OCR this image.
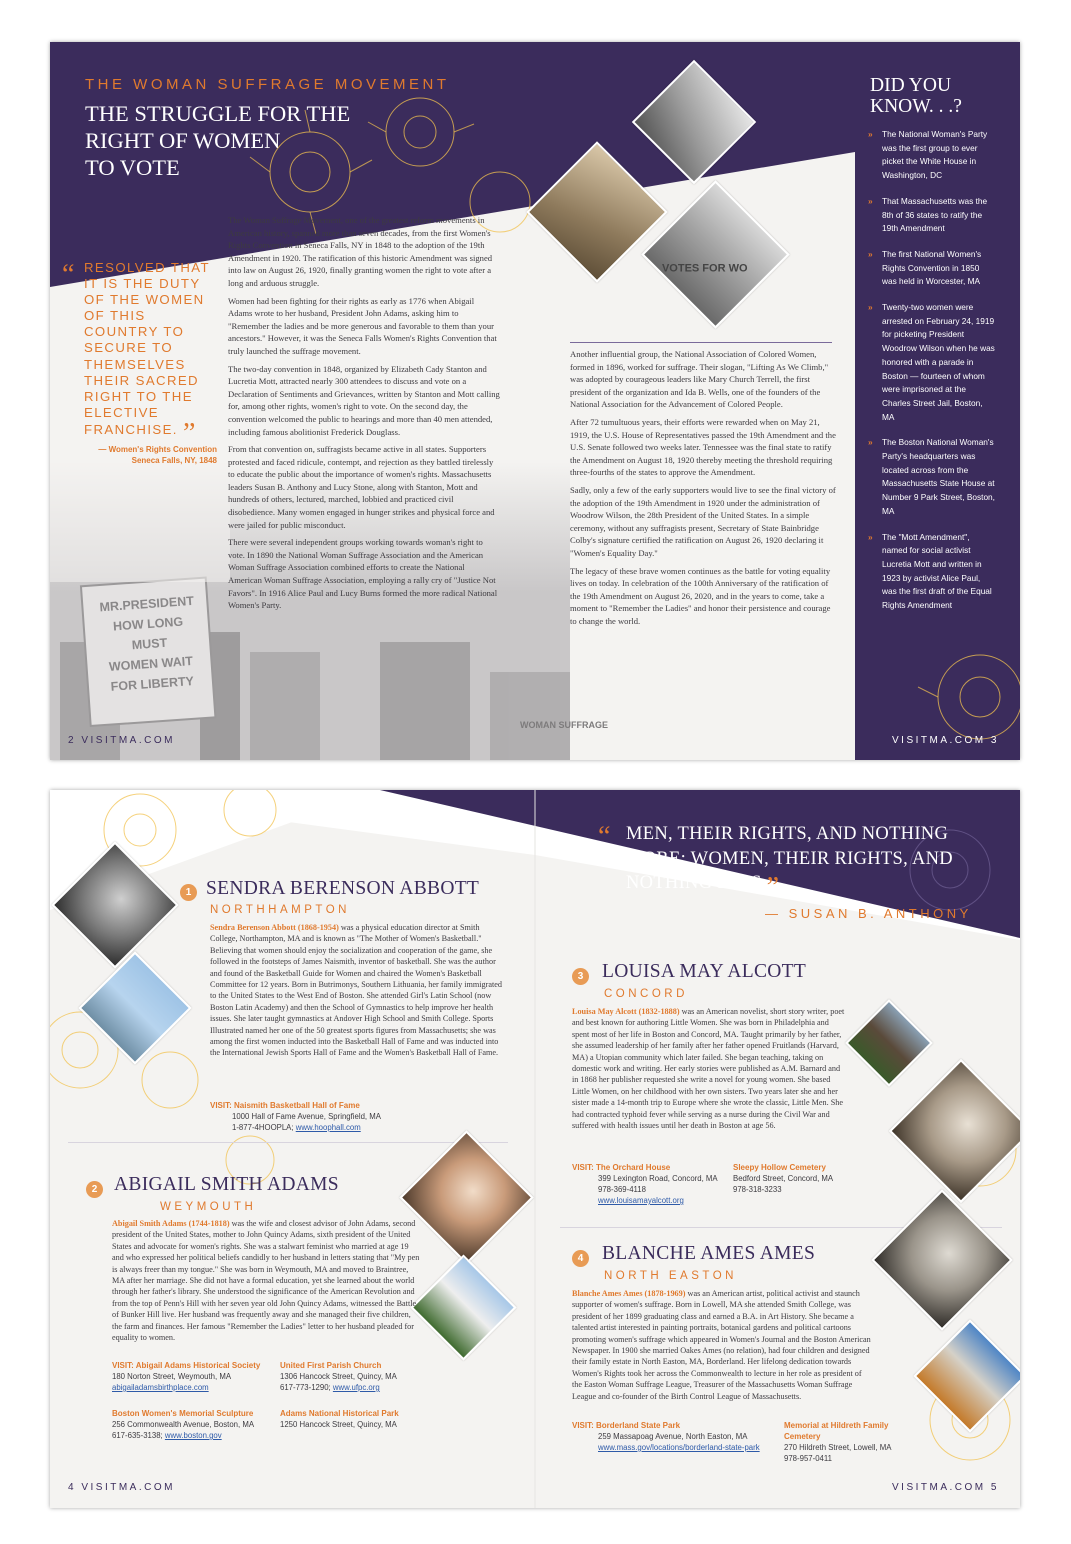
MR.PRESIDENT
HOW LONG
MUST
WOMEN WAIT
FOR LIBERTY
WOMAN SUFFRAGE
THE WOMAN SUFFRAGE MOVEMENT
THE STRUGGLE FOR THE
RIGHT OF WOMEN
TO VOTE
“ RESOLVED THAT IT IS THE DUTY OF THE WOMEN OF THIS COUNTRY TO SECURE TO THEMSELVES THEIR SACRED RIGHT TO THE ELECTIVE FRANCHISE. ”
— Women's Rights Convention
Seneca Falls, NY, 1848

The Woman Suffrage Movement, one of the greatest reform movements in American history, spanned more than seven decades, from the first Women's Rights Convention in Seneca Falls, NY in 1848 to the adoption of the 19th Amendment in 1920. The ratification of this historic Amendment was signed into law on August 26, 1920, finally granting women the right to vote after a long and arduous struggle.

Women had been fighting for their rights as early as 1776 when Abigail Adams wrote to her husband, President John Adams, asking him to "Remember the ladies and be more generous and favorable to them than your ancestors." However, it was the Seneca Falls Women's Rights Convention that truly launched the suffrage movement.

The two-day convention in 1848, organized by Elizabeth Cady Stanton and Lucretia Mott, attracted nearly 300 attendees to discuss and vote on a Declaration of Sentiments and Grievances, written by Stanton and Mott calling for, among other rights, women's right to vote. On the second day, the convention welcomed the public to hearings and more than 40 men attended, including famous abolitionist Frederick Douglass.

From that convention on, suffragists became active in all states. Supporters protested and faced ridicule, contempt, and rejection as they battled tirelessly to educate the public about the importance of women's rights. Massachusetts leaders Susan B. Anthony and Lucy Stone, along with Stanton, Mott and hundreds of others, lectured, marched, lobbied and practiced civil disobedience. Many women engaged in hunger strikes and physical force and were jailed for public misconduct.

There were several independent groups working towards woman's right to vote. In 1890 the National Woman Suffrage Association and the American Woman Suffrage Association combined efforts to create the National American Woman Suffrage Association, employing a rally cry of "Justice Not Favors". In 1916 Alice Paul and Lucy Burns formed the more radical National Women's Party.

VOTES FOR WO

Another influential group, the National Association of Colored Women, formed in 1896, worked for suffrage. Their slogan, "Lifting As We Climb," was adopted by courageous leaders like Mary Church Terrell, the first president of the organization and Ida B. Wells, one of the founders of the National Association for the Advancement of Colored People.

After 72 tumultuous years, their efforts were rewarded when on May 21, 1919, the U.S. House of Representatives passed the 19th Amendment and the U.S. Senate followed two weeks later. Tennessee was the final state to ratify the Amendment on August 18, 1920 thereby meeting the threshold requiring three-fourths of the states to approve the Amendment.

Sadly, only a few of the early supporters would live to see the final victory of the adoption of the 19th Amendment in 1920 under the administration of Woodrow Wilson, the 28th President of the United States. In a simple ceremony, without any suffragists present, Secretary of State Bainbridge Colby's signature certified the ratification on August 26, 1920 declaring it "Women's Equality Day."

The legacy of these brave women continues as the battle for voting equality lives on today. In celebration of the 100th Anniversary of the ratification of the 19th Amendment on August 26, 2020, and in the years to come, take a moment to "Remember the Ladies" and honor their persistence and courage to change the world.

DID YOU
KNOW. . .?
» The National Woman's Party was the first group to ever picket the White House in Washington, DC
» That Massachusetts was the 8th of 36 states to ratify the 19th Amendment
» The first National Women's Rights Convention in 1850 was held in Worcester, MA
» Twenty-two women were arrested on February 24, 1919 for picketing President Woodrow Wilson when he was honored with a parade in Boston — fourteen of whom were imprisoned at the Charles Street Jail, Boston, MA
» The Boston National Woman's Party's headquarters was located across from the Massachusetts State House at Number 9 Park Street, Boston, MA
» The "Mott Amendment", named for social activist Lucretia Mott and written in 1923 by activist Alice Paul, was the first draft of the Equal Rights Amendment
2 VISITMA.COM	VISITMA.COM 3
“ MEN, THEIR RIGHTS, AND NOTHING
MORE; WOMEN, THEIR RIGHTS, AND
NOTHING LESS ”
— SUSAN B. ANTHONY
1 SENDRA BERENSON ABBOTT
NORTHHAMPTON
Sendra Berenson Abbott (1868-1954) was a physical education director at Smith College, Northampton, MA and is known as "The Mother of Women's Basketball." Believing that women should enjoy the socialization and cooperation of the game, she followed in the footsteps of James Naismith, inventor of basketball. She was the author and found of the Basketball Guide for Women and chaired the Women's Basketball Committee for 12 years. Born in Butrimonys, Southern Lithuania, her family immigrated to the United States to the West End of Boston. She attended Girl's Latin School (now Boston Latin Academy) and then the School of Gymnastics to help improve her health issues. She later taught gymnastics at Andover High School and Smith College. Sports Illustrated named her one of the 50 greatest sports figures from Massachusetts; she was among the first women inducted into the Basketball Hall of Fame and was inducted into the International Jewish Sports Hall of Fame and the Women's Basketball Hall of Fame.
VISIT: Naismith Basketball Hall of Fame
1000 Hall of Fame Avenue, Springfield, MA
1-877-4HOOPLA; www.hoophall.com
2 ABIGAIL SMITH ADAMS
WEYMOUTH
Abigail Smith Adams (1744-1818) was the wife and closest advisor of John Adams, second president of the United States, mother to John Quincy Adams, sixth president of the United States and advocate for women's rights. She was a stalwart feminist who married at age 19 and who expressed her political beliefs candidly to her husband in letters stating that "My pen is always freer than my tongue." She was born in Weymouth, MA and moved to Braintree, MA after her marriage. She did not have a formal education, yet she learned about the world through her father's library. She understood the significance of the American Revolution and from the top of Penn's Hill with her seven year old John Quincy Adams, witnessed the Battle of Bunker Hill live. Her husband was frequently away and she managed their five children, the farm and finances. Her famous "Remember the Ladies" letter to her husband pleaded for equality to women.
VISIT: Abigail Adams Historical Society
180 Norton Street, Weymouth, MA
abigailadamsbirthplace.com
United First Parish Church
1306 Hancock Street, Quincy, MA
617-773-1290; www.ufpc.org
Boston Women's Memorial Sculpture
256 Commonwealth Avenue, Boston, MA
617-635-3138; www.boston.gov
Adams National Historical Park
1250 Hancock Street, Quincy, MA
3 LOUISA MAY ALCOTT
CONCORD
Louisa May Alcott (1832-1888) was an American novelist, short story writer, poet and best known for authoring Little Women. She was born in Philadelphia and spent most of her life in Boston and Concord, MA. Taught primarily by her father, she assumed leadership of her family after her father opened Fruitlands (Harvard, MA) a Utopian community which later failed. She began teaching, taking on domestic work and writing. Her early stories were published as A.M. Barnard and in 1868 her publisher requested she write a novel for young women. She based Little Women, on her childhood with her own sisters. Two years later she and her sister made a 14-month trip to Europe where she wrote the classic, Little Men. She had contracted typhoid fever while serving as a nurse during the Civil War and suffered with health issues until her death in Boston at age 56.
VISIT: The Orchard House
399 Lexington Road, Concord, MA
978-369-4118
www.louisamayalcott.org
Sleepy Hollow Cemetery
Bedford Street, Concord, MA
978-318-3233
4 BLANCHE AMES AMES
NORTH EASTON
Blanche Ames Ames (1878-1969) was an American artist, political activist and staunch supporter of women's suffrage. Born in Lowell, MA she attended Smith College, was president of her 1899 graduating class and earned a B.A. in Art History. She became a talented artist interested in painting portraits, botanical gardens and political cartoons promoting women's suffrage which appeared in Women's Journal and the Boston American Newspaper. In 1900 she married Oakes Ames (no relation), had four children and designed their family estate in North Easton, MA, Borderland. Her lifelong dedication towards Women's Rights took her across the Commonwealth to lecture in her role as president of the Easton Woman Suffrage League, Treasurer of the Massachusetts Woman Suffrage League and co-founder of the Birth Control League of Massachusetts.
VISIT: Borderland State Park
259 Massapoag Avenue, North Easton, MA
www.mass.gov/locations/borderland-state-park
Memorial at Hildreth Family Cemetery
270 Hildreth Street, Lowell, MA
978-957-0411
4 VISITMA.COM	VISITMA.COM 5
